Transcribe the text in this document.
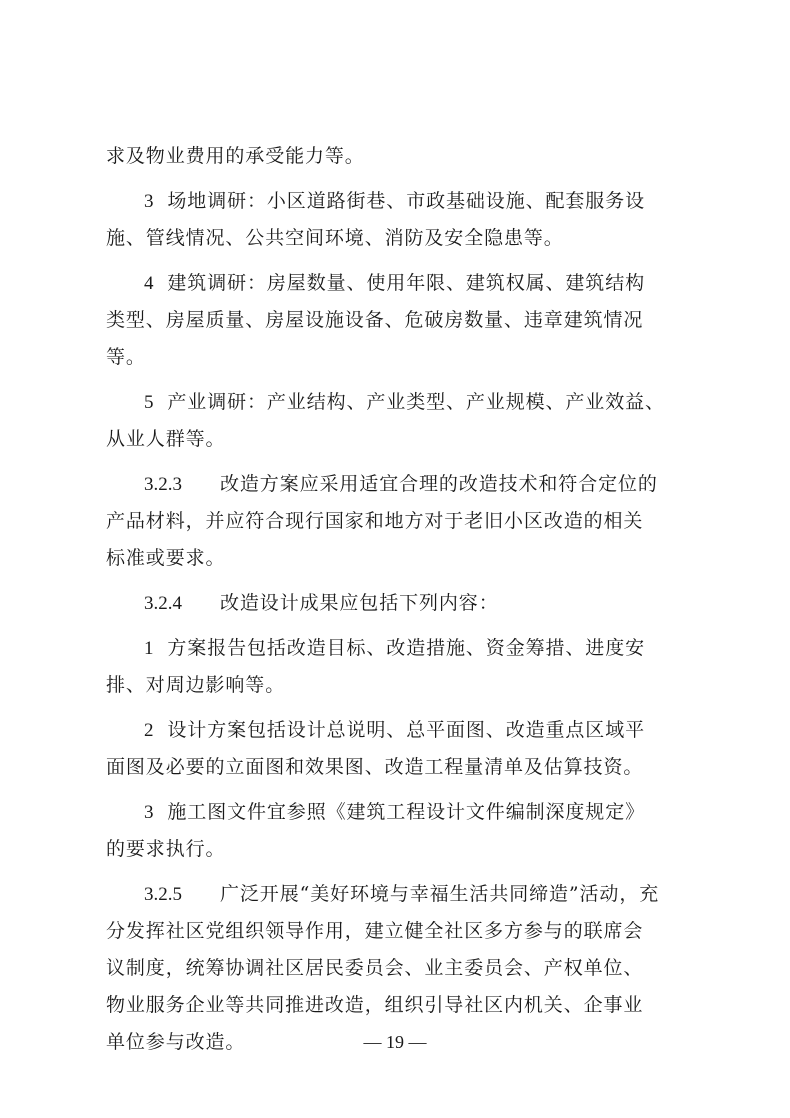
求及物业费用的承受能力等。

3 场地调研：小区道路街巷、市政基础设施、配套服务设
施、管线情况、公共空间环境、消防及安全隐患等。

4 建筑调研：房屋数量、使用年限、建筑权属、建筑结构
类型、房屋质量、房屋设施设备、危破房数量、违章建筑情况
等。

5 产业调研：产业结构、产业类型、产业规模、产业效益、
从业人群等。

3.2.3 改造方案应采用适宜合理的改造技术和符合定位的
产品材料，并应符合现行国家和地方对于老旧小区改造的相关
标准或要求。

3.2.4 改造设计成果应包括下列内容：

1 方案报告包括改造目标、改造措施、资金筹措、进度安
排、对周边影响等。

2 设计方案包括设计总说明、总平面图、改造重点区域平
面图及必要的立面图和效果图、改造工程量清单及估算技资。

3 施工图文件宜参照《建筑工程设计文件编制深度规定》
的要求执行。

3.2.5 广泛开展“美好环境与幸福生活共同缔造”活动，充
分发挥社区党组织领导作用，建立健全社区多方参与的联席会
议制度，统筹协调社区居民委员会、业主委员会、产权单位、
物业服务企业等共同推进改造，组织引导社区内机关、企事业
单位参与改造。	— 19 —
